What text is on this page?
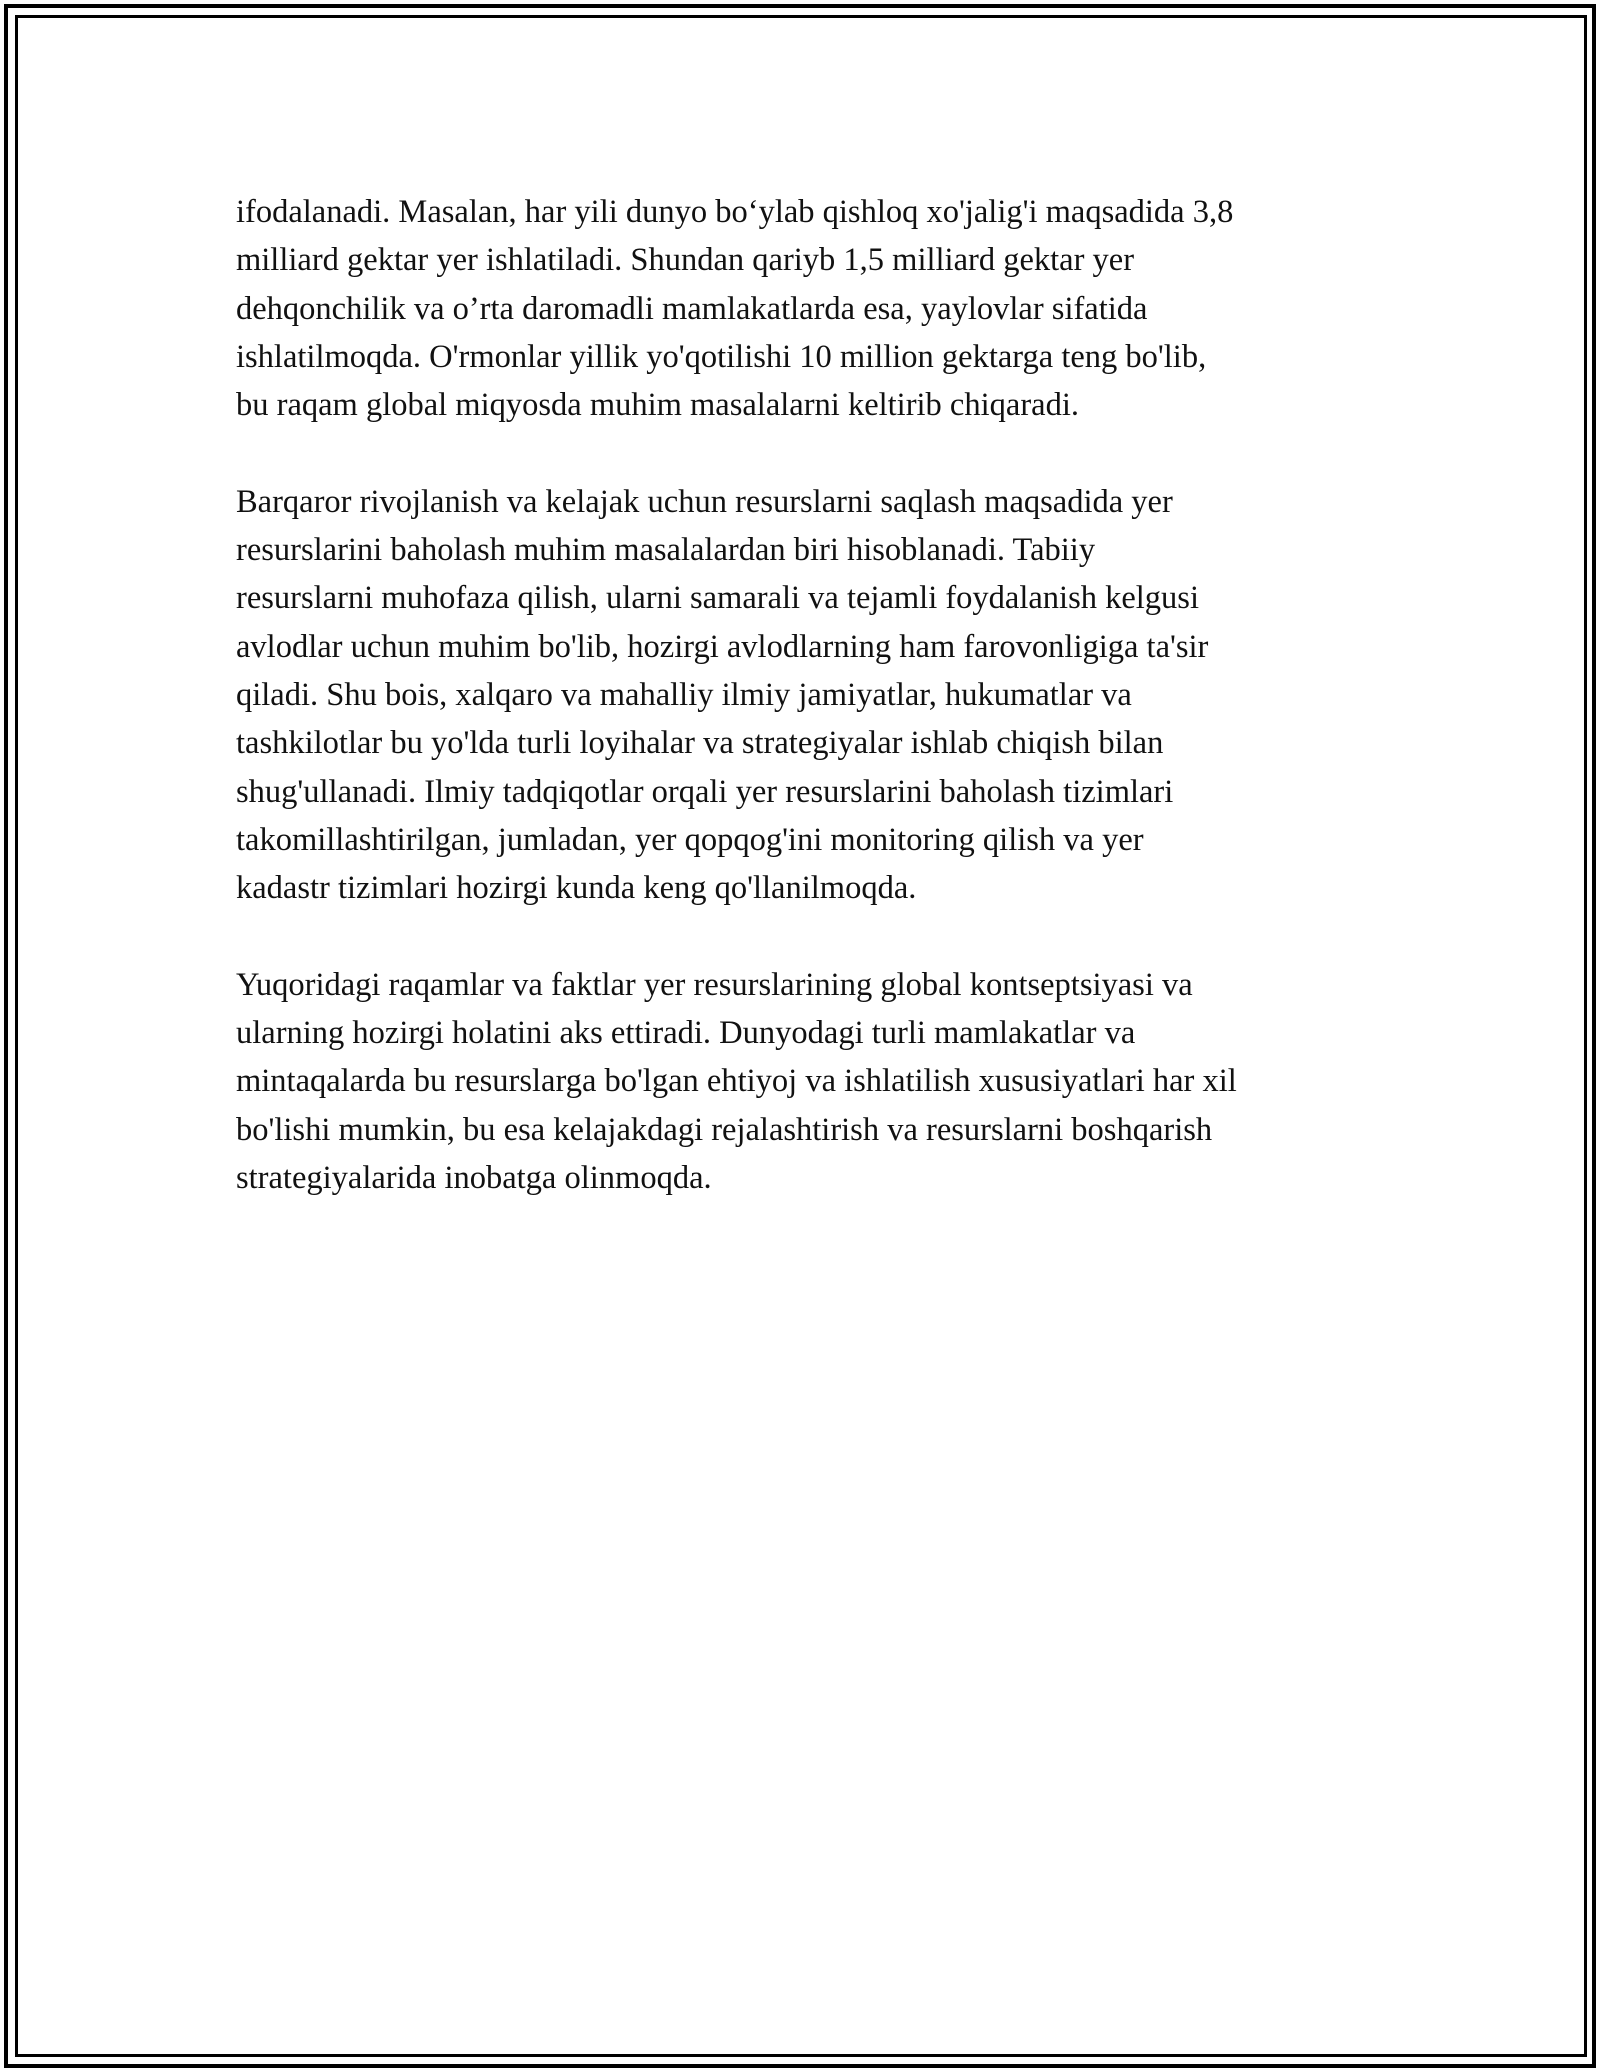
ifodalanadi. Masalan, har yili dunyo bo‘ylab qishloq xo'jalig'i maqsadida 3,8
milliard gektar yer ishlatiladi. Shundan qariyb 1,5 milliard gektar yer
dehqonchilik va o’rta daromadli mamlakatlarda esa, yaylovlar sifatida
ishlatilmoqda. O'rmonlar yillik yo'qotilishi 10 million gektarga teng bo'lib,
bu raqam global miqyosda muhim masalalarni keltirib chiqaradi.

Barqaror rivojlanish va kelajak uchun resurslarni saqlash maqsadida yer
resurslarini baholash muhim masalalardan biri hisoblanadi. Tabiiy
resurslarni muhofaza qilish, ularni samarali va tejamli foydalanish kelgusi
avlodlar uchun muhim bo'lib, hozirgi avlodlarning ham farovonligiga ta'sir
qiladi. Shu bois, xalqaro va mahalliy ilmiy jamiyatlar, hukumatlar va
tashkilotlar bu yo'lda turli loyihalar va strategiyalar ishlab chiqish bilan
shug'ullanadi. Ilmiy tadqiqotlar orqali yer resurslarini baholash tizimlari
takomillashtirilgan, jumladan, yer qopqog'ini monitoring qilish va yer
kadastr tizimlari hozirgi kunda keng qo'llanilmoqda.

Yuqoridagi raqamlar va faktlar yer resurslarining global kontseptsiyasi va
ularning hozirgi holatini aks ettiradi. Dunyodagi turli mamlakatlar va
mintaqalarda bu resurslarga bo'lgan ehtiyoj va ishlatilish xususiyatlari har xil
bo'lishi mumkin, bu esa kelajakdagi rejalashtirish va resurslarni boshqarish
strategiyalarida inobatga olinmoqda.
